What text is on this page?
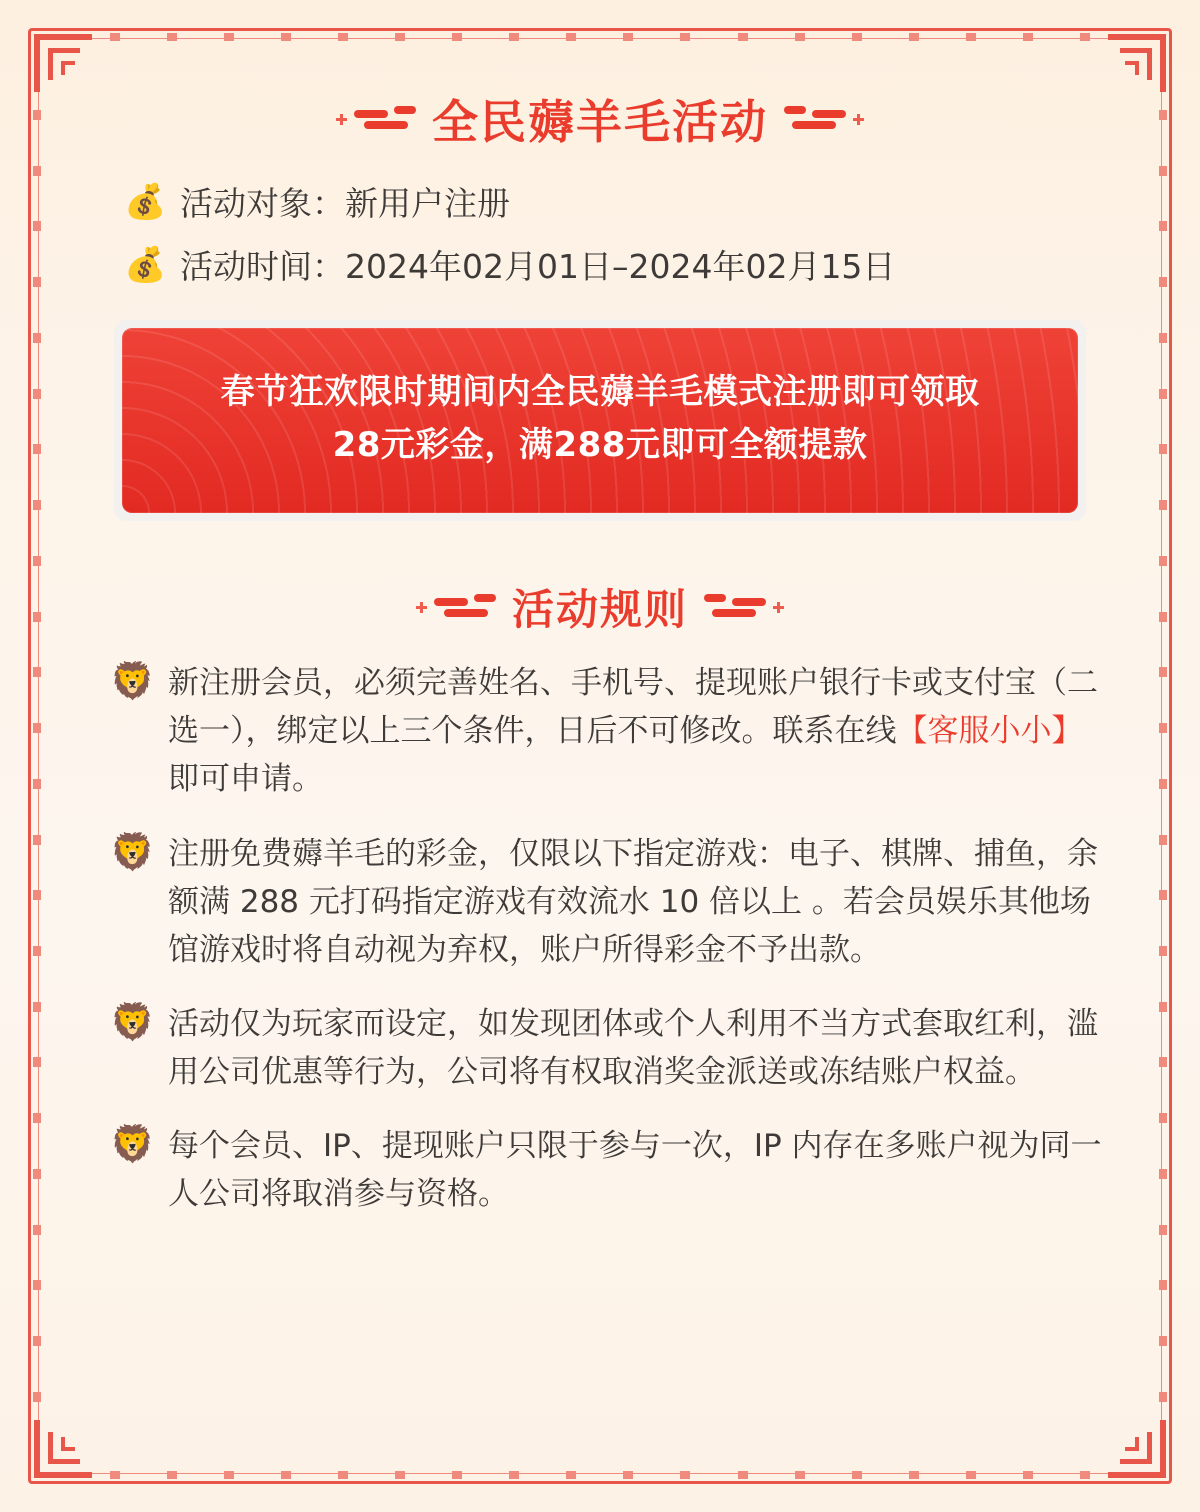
全民薅羊毛活动
💰 活动对象：新用户注册
💰 活动时间：2024年02月01日–2024年02月15日
春节狂欢限时期间内全民薅羊毛模式注册即可领取
28元彩金，满288元即可全额提款
活动规则
🦁 新注册会员，必须完善姓名、手机号、提现账户银行卡或支付宝（二选一），绑定以上三个条件，日后不可修改。联系在线【客服小小】即可申请。
🦁 注册免费薅羊毛的彩金，仅限以下指定游戏：电子、棋牌、捕鱼，余额满 288 元打码指定游戏有效流水 10 倍以上 。若会员娱乐其他场馆游戏时将自动视为弃权，账户所得彩金不予出款。
🦁 活动仅为玩家而设定，如发现团体或个人利用不当方式套取红利，滥用公司优惠等行为，公司将有权取消奖金派送或冻结账户权益。
🦁 每个会员、IP、提现账户只限于参与一次，IP 内存在多账户视为同一人公司将取消参与资格。
